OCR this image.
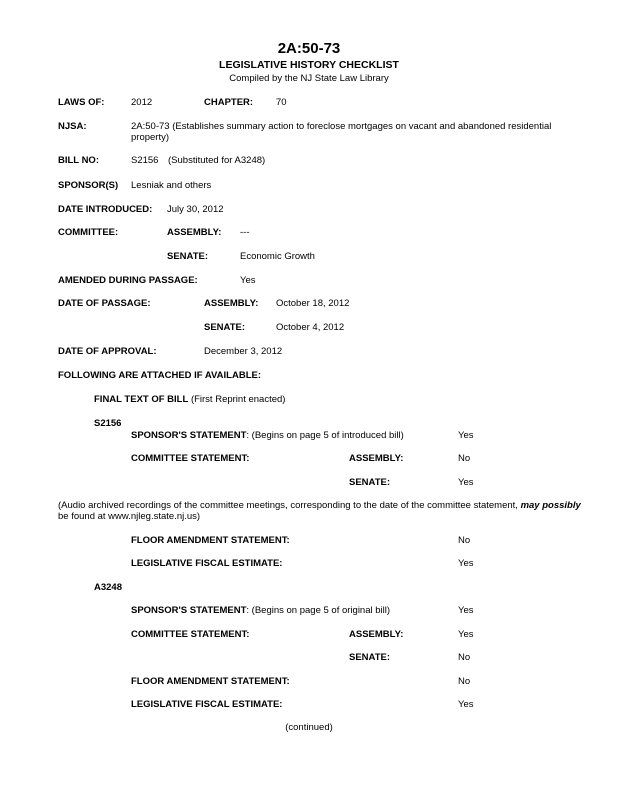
2A:50-73
LEGISLATIVE HISTORY CHECKLIST
Compiled by the NJ State Law Library
LAWS OF:	2012	CHAPTER: 70
NJSA:	2A:50-73 (Establishes summary action to foreclose mortgages on vacant and abandoned residential
property)
BILL NO:	S2156 (Substituted for A3248)
SPONSOR(S) Lesniak and others
DATE INTRODUCED: July 30, 2012
COMMITTEE:	ASSEMBLY: ---
SENATE:	Economic Growth
AMENDED DURING PASSAGE:	Yes
DATE OF PASSAGE:	ASSEMBLY: October 18, 2012
SENATE:	October 4, 2012
DATE OF APPROVAL:	December 3, 2012
FOLLOWING ARE ATTACHED IF AVAILABLE:
FINAL TEXT OF BILL (First Reprint enacted)
S2156
SPONSOR'S STATEMENT: (Begins on page 5 of introduced bill)	Yes
COMMITTEE STATEMENT:	ASSEMBLY:	No
SENATE:	Yes
(Audio archived recordings of the committee meetings, corresponding to the date of the committee statement, may possibly
be found at www.njleg.state.nj.us)
FLOOR AMENDMENT STATEMENT:	No
LEGISLATIVE FISCAL ESTIMATE:	Yes
A3248
SPONSOR'S STATEMENT: (Begins on page 5 of original bill)	Yes
COMMITTEE STATEMENT:	ASSEMBLY:	Yes
SENATE:	No
FLOOR AMENDMENT STATEMENT:	No
LEGISLATIVE FISCAL ESTIMATE:	Yes
(continued)
